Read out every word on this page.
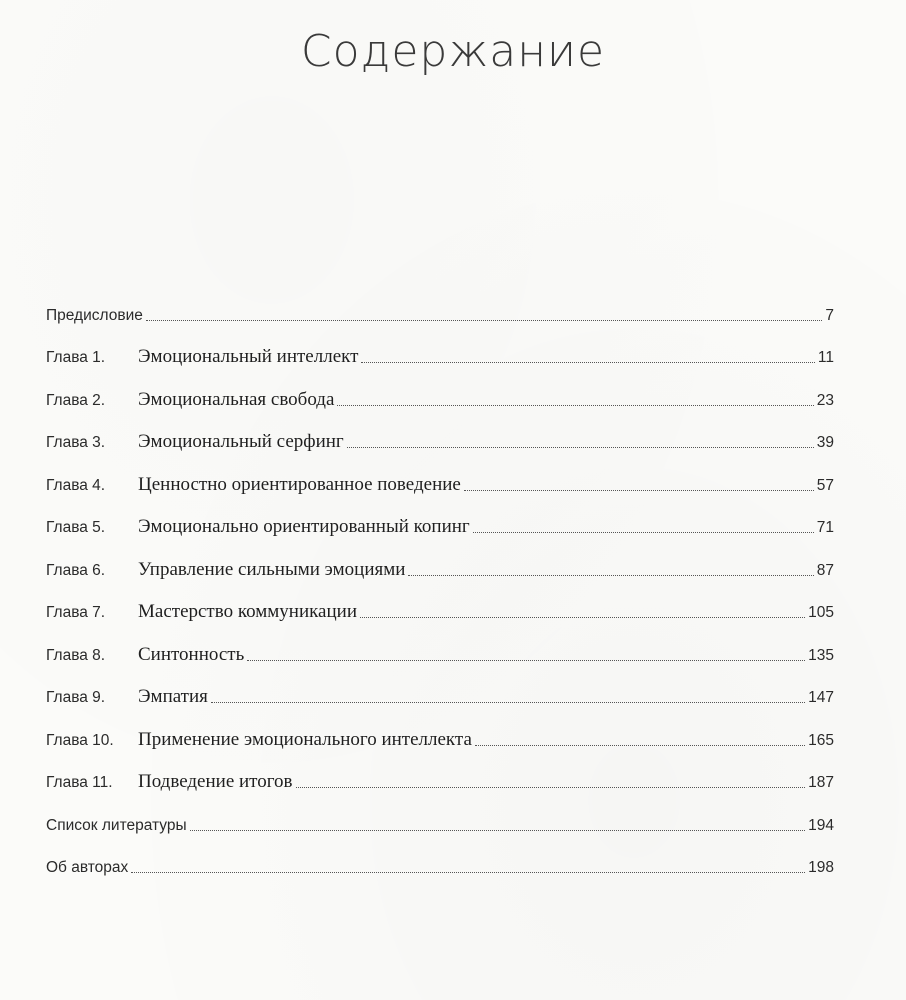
Содержание
Предисловие	7
Глава 1.	Эмоциональный интеллект	11
Глава 2.	Эмоциональная свобода	23
Глава 3.	Эмоциональный серфинг	39
Глава 4.	Ценностно ориентированное поведение	57
Глава 5.	Эмоционально ориентированный копинг	71
Глава 6.	Управление сильными эмоциями	87
Глава 7.	Мастерство коммуникации	105
Глава 8.	Синтонность	135
Глава 9.	Эмпатия	147
Глава 10.	Применение эмоционального интеллекта	165
Глава 11.	Подведение итогов	187
Список литературы	194
Об авторах	198
